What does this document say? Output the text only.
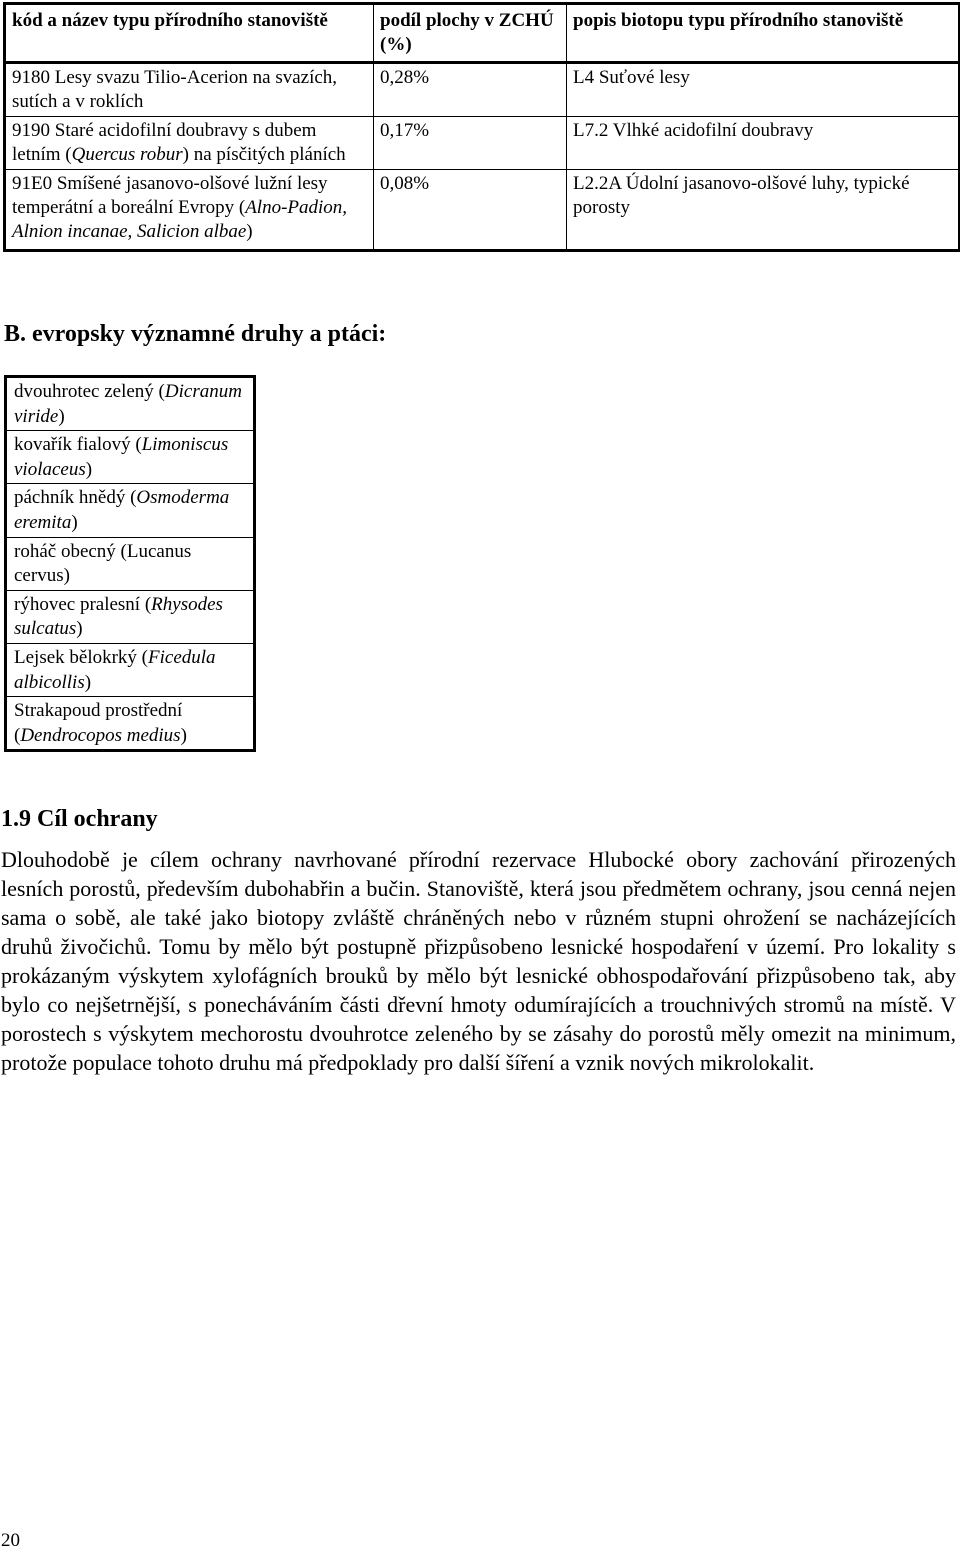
kód a název typu přírodního stanoviště	podíl plochy v ZCHÚ (%)	popis biotopu typu přírodního stanoviště
9180 Lesy svazu Tilio-Acerion na svazích, sutích a v roklích	0,28%	L4 Suťové lesy
9190 Staré acidofilní doubravy s dubem letním (Quercus robur) na písčitých pláních	0,17%	L7.2 Vlhké acidofilní doubravy
91E0 Smíšené jasanovo-olšové lužní lesy temperátní a boreální Evropy (Alno-Padion, Alnion incanae, Salicion albae)	0,08%	L2.2A Údolní jasanovo-olšové luhy, typické porosty
B. evropsky významné druhy a ptáci:
dvouhrotec zelený (Dicranum viride)
kovařík fialový (Limoniscus violaceus)
páchník hnědý (Osmoderma eremita)
roháč obecný (Lucanus cervus)
rýhovec pralesní (Rhysodes sulcatus)
Lejsek bělokrký (Ficedula albicollis)
Strakapoud prostřední (Dendrocopos medius)
1.9 Cíl ochrany

Dlouhodobě je cílem ochrany navrhované přírodní rezervace Hlubocké obory zachování přirozených lesních porostů, především dubohabřin a bučin. Stanoviště, která jsou předmětem ochrany, jsou cenná nejen sama o sobě, ale také jako biotopy zvláště chráněných nebo v různém stupni ohrožení se nacházejících druhů živočichů. Tomu by mělo být postupně přizpůsobeno lesnické hospodaření v území. Pro lokality s prokázaným výskytem xylofágních brouků by mělo být lesnické obhospodařování přizpůsobeno tak, aby bylo co nejšetrnější, s ponecháváním části dřevní hmoty odumírajících a trouchnivých stromů na místě. V porostech s výskytem mechorostu dvouhrotce zeleného by se zásahy do porostů měly omezit na minimum, protože populace tohoto druhu má předpoklady pro další šíření a vznik nových mikrolokalit.

20
